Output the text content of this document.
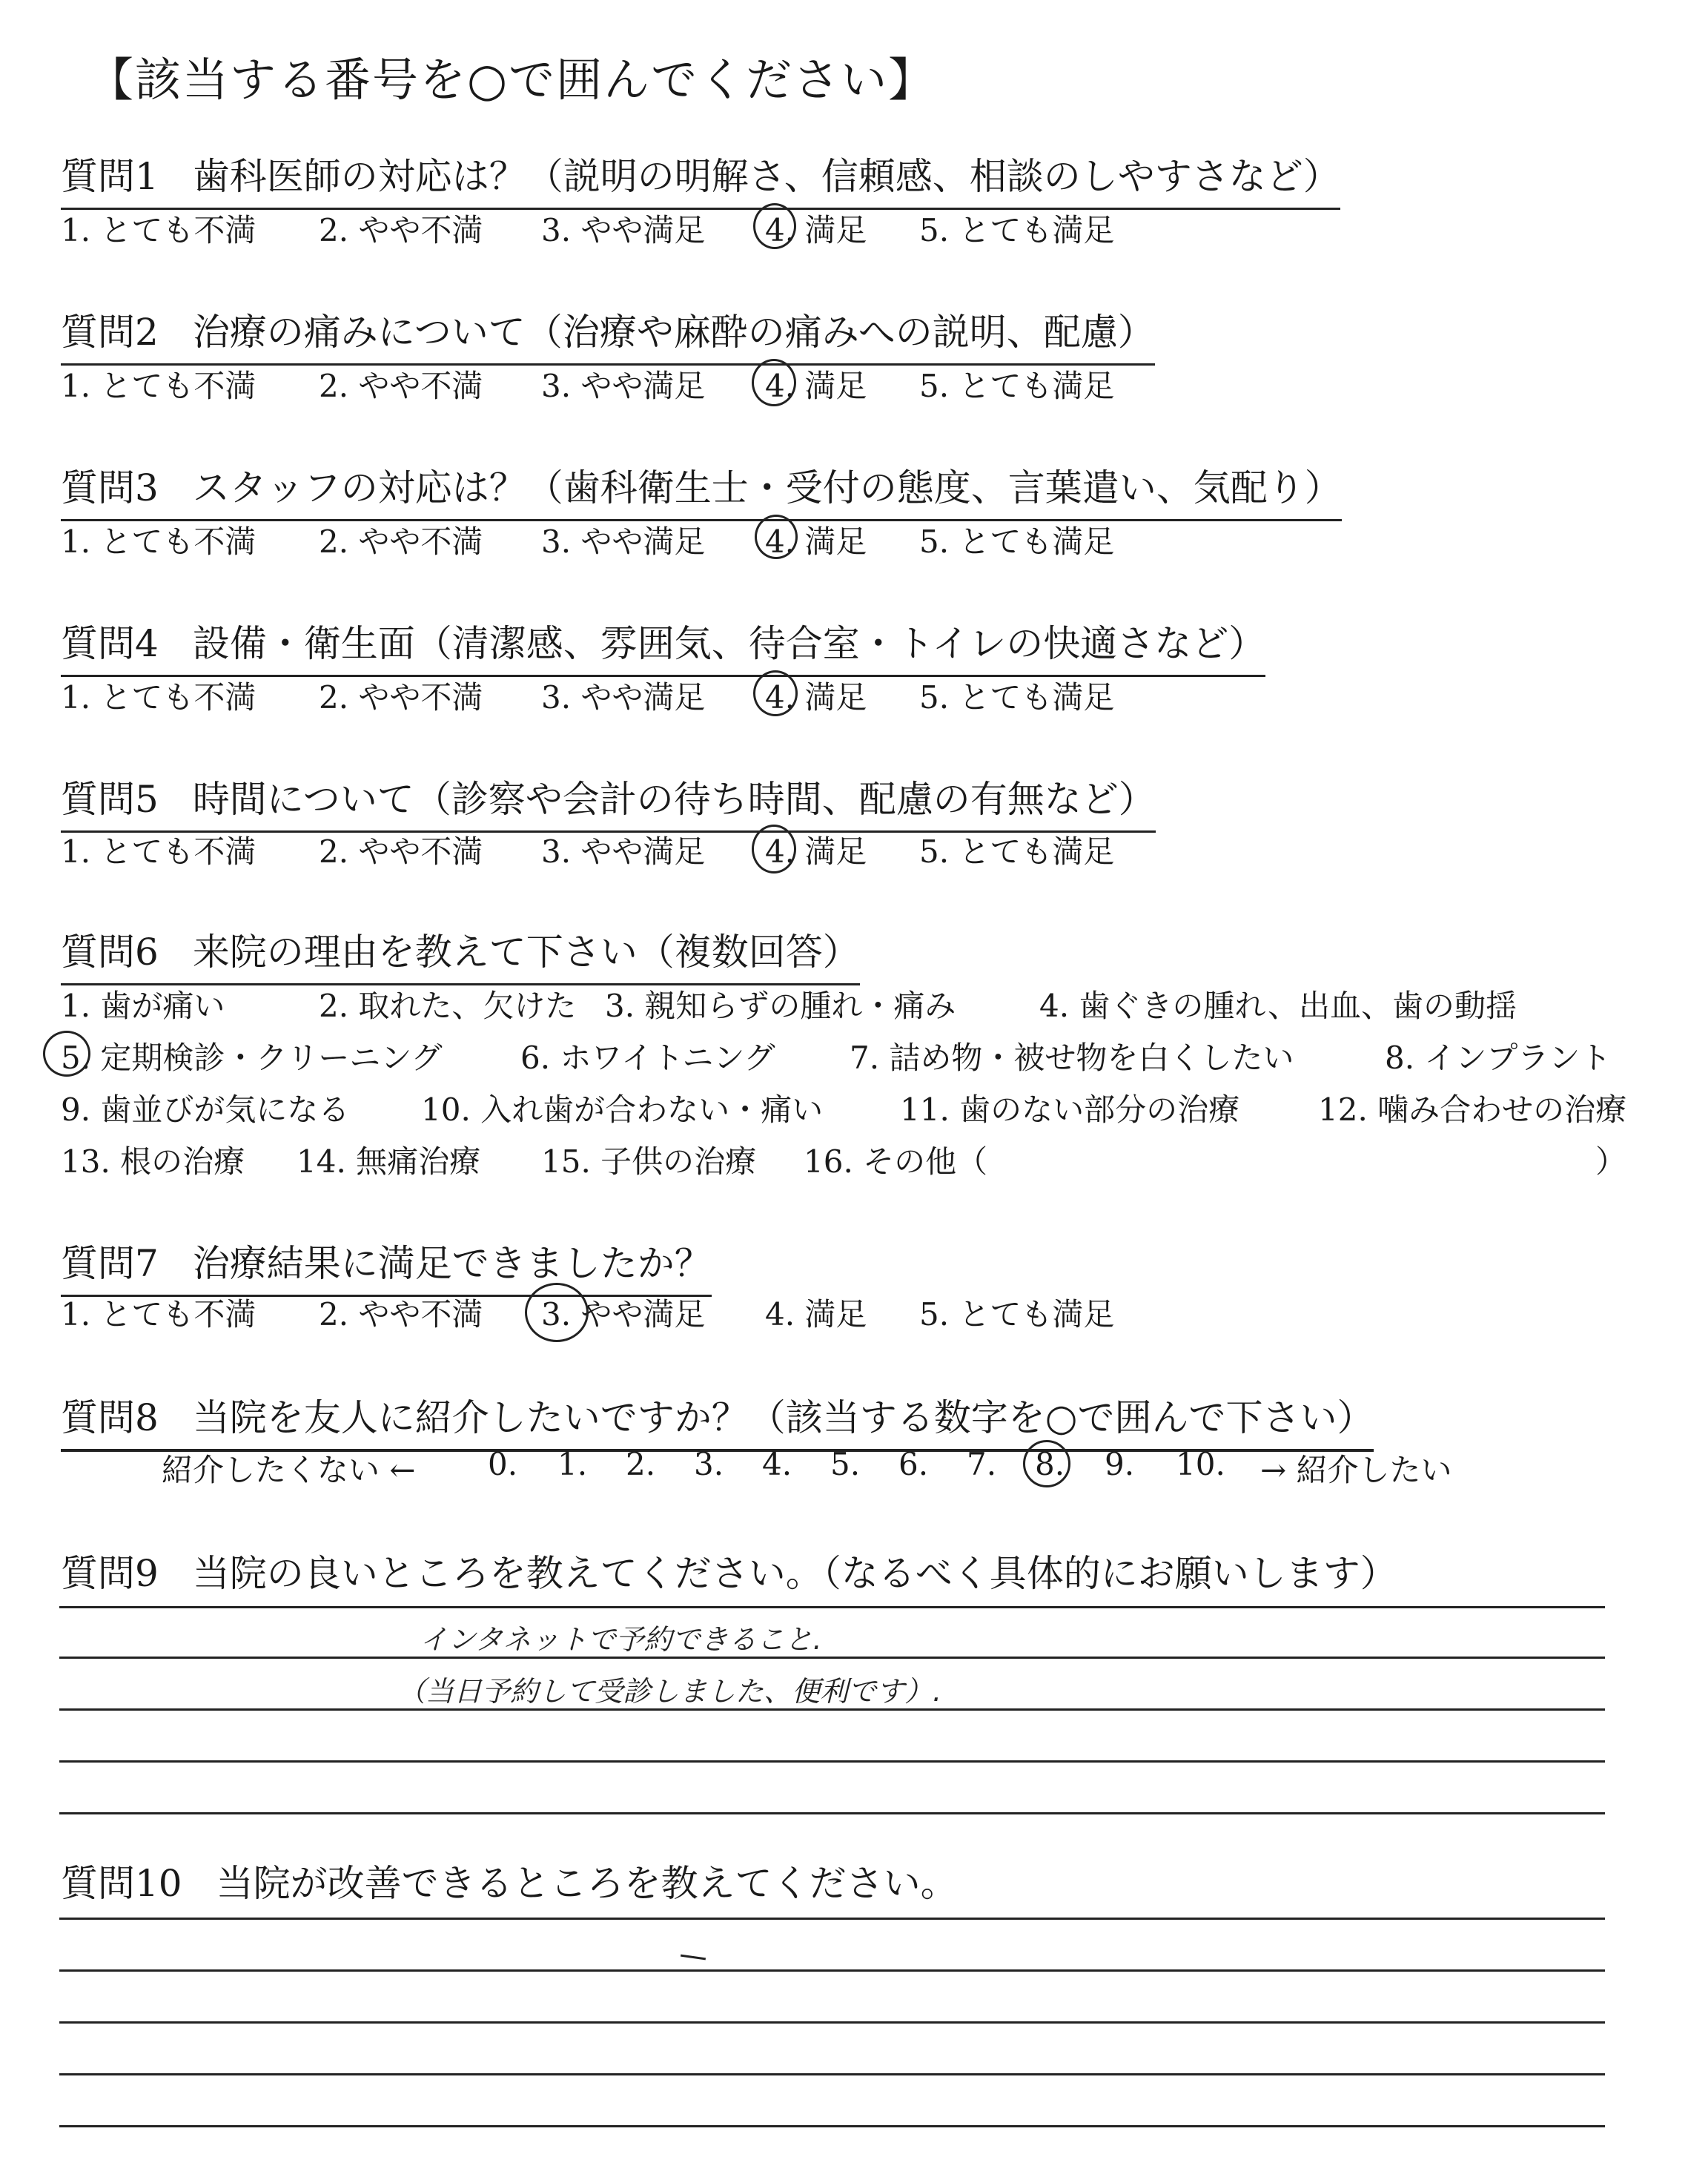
【該当する番号を○で囲んでください】
質問1 歯科医師の対応は？（説明の明解さ、信頼感、相談のしやすさなど）
1. とても不満 2. やや不満 3. やや満足 4. 満足 5. とても満足
質問2 治療の痛みについて（治療や麻酔の痛みへの説明、配慮）
1. とても不満 2. やや不満 3. やや満足 4. 満足 5. とても満足
質問3 スタッフの対応は？（歯科衛生士・受付の態度、言葉遣い、気配り）
1. とても不満 2. やや不満 3. やや満足 4. 満足 5. とても満足
質問4 設備・衛生面（清潔感、雰囲気、待合室・トイレの快適さなど）
1. とても不満 2. やや不満 3. やや満足 4. 満足 5. とても満足
質問5 時間について（診察や会計の待ち時間、配慮の有無など）
1. とても不満 2. やや不満 3. やや満足 4. 満足 5. とても満足
質問6 来院の理由を教えて下さい（複数回答）
1. 歯が痛い	2. 取れた、欠けた 3. 親知らずの腫れ・痛み	4. 歯ぐきの腫れ、出血、歯の動揺
5. 定期検診・クリーニング	6. ホワイトニング 7. 詰め物・被せ物を白くしたい	8. インプラント
9. 歯並びが気になる 10. 入れ歯が合わない・痛い 11. 歯のない部分の治療	12. 噛み合わせの治療
13. 根の治療 14. 無痛治療 15. 子供の治療 16. その他（	）
質問7 治療結果に満足できましたか？
1. とても不満 2. やや不満 3. やや満足 4. 満足 5. とても満足
質問8 当院を友人に紹介したいですか？（該当する数字を○で囲んで下さい）
紹介したくない ← 0. 1. 2. 3. 4. 5. 6. 7. 8. 9. 10. → 紹介したい
質問9 当院の良いところを教えてください。（なるべく具体的にお願いします）
インタネットで予約できること.
（当日予約して受診しました、便利です）.
質問10 当院が改善できるところを教えてください。
